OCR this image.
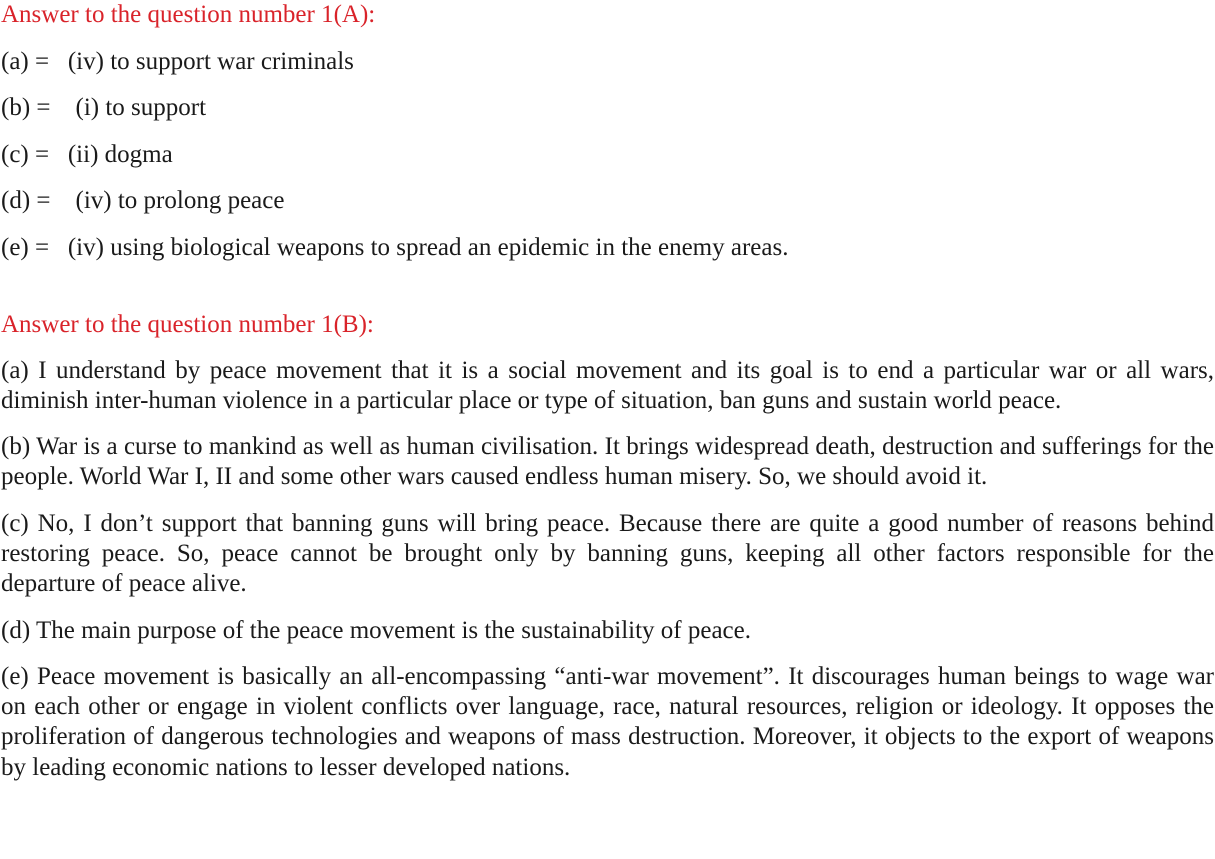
Answer to the question number 1(A):

(a) = (iv) to support war criminals

(b) =    (i) to support

(c) = (ii) dogma

(d) =    (iv) to prolong peace

(e) = (iv) using biological weapons to spread an epidemic in the enemy areas.

Answer to the question number 1(B):

(a) I understand by peace movement that it is a social movement and its goal is to end a particular war or all wars, diminish inter-human violence in a particular place or type of situation, ban guns and sustain world peace.

(b) War is a curse to mankind as well as human civilisation. It brings widespread death, destruction and sufferings for the people. World War I, II and some other wars caused endless human misery. So, we should avoid it.

(c) No, I don’t support that banning guns will bring peace. Because there are quite a good number of reasons behind restoring peace. So, peace cannot be brought only by banning guns, keeping all other factors responsible for the departure of peace alive.

(d) The main purpose of the peace movement is the sustainability of peace.

(e) Peace movement is basically an all-encompassing “anti-war movement”. It discourages human beings to wage war on each other or engage in violent conflicts over language, race, natural resources, religion or ideology. It opposes the proliferation of dangerous technologies and weapons of mass destruction. Moreover, it objects to the export of weapons by leading economic nations to lesser developed nations.
